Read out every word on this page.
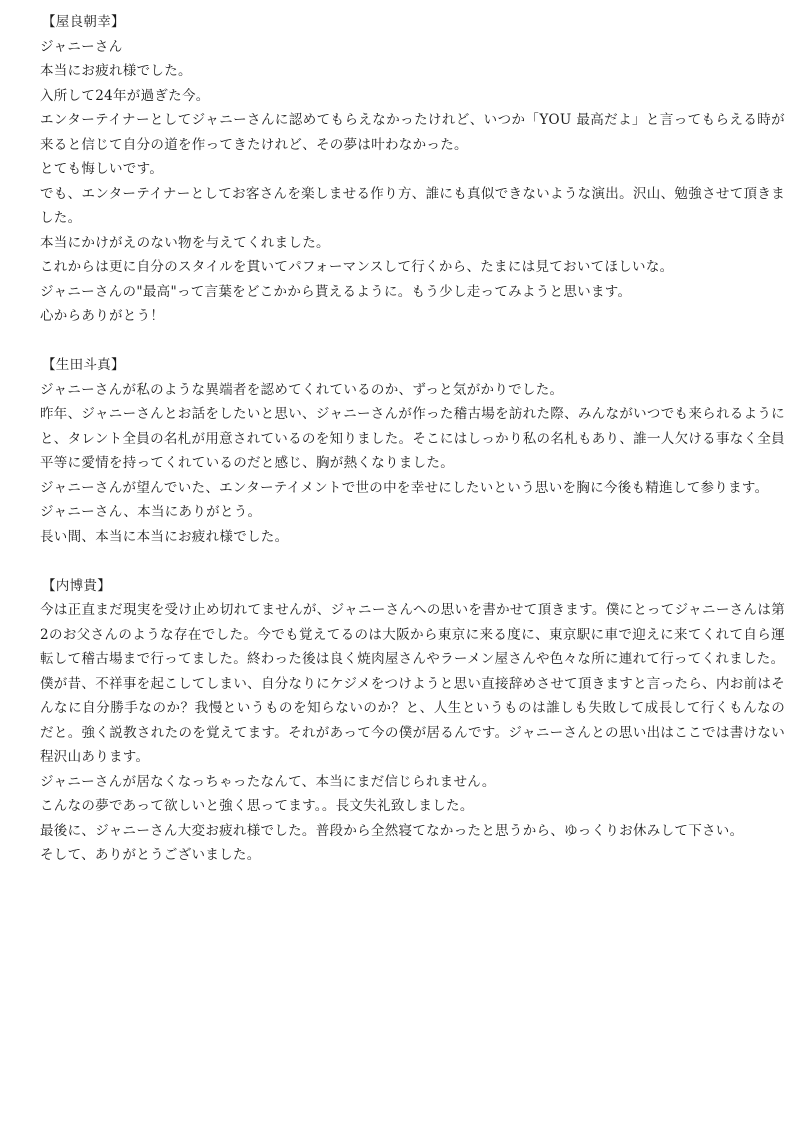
【屋良朝幸】

ジャニーさん

本当にお疲れ様でした。

入所して24年が過ぎた今。

エンターテイナーとしてジャニーさんに認めてもらえなかったけれど、いつか「YOU 最高だよ」と言ってもらえる時が来ると信じて自分の道を作ってきたけれど、その夢は叶わなかった。

とても悔しいです。

でも、エンターテイナーとしてお客さんを楽しませる作り方、誰にも真似できないような演出。沢山、勉強させて頂きました。

本当にかけがえのない物を与えてくれました。

これからは更に自分のスタイルを貫いてパフォーマンスして行くから、たまには見ておいてほしいな。

ジャニーさんの"最高"って言葉をどこかから貰えるように。もう少し走ってみようと思います。

心からありがとう！

【生田斗真】

ジャニーさんが私のような異端者を認めてくれているのか、ずっと気がかりでした。

昨年、ジャニーさんとお話をしたいと思い、ジャニーさんが作った稽古場を訪れた際、みんながいつでも来られるようにと、タレント全員の名札が用意されているのを知りました。そこにはしっかり私の名札もあり、誰一人欠ける事なく全員平等に愛情を持ってくれているのだと感じ、胸が熱くなりました。

ジャニーさんが望んでいた、エンターテイメントで世の中を幸せにしたいという思いを胸に今後も精進して参ります。

ジャニーさん、本当にありがとう。

長い間、本当に本当にお疲れ様でした。

【内博貴】

今は正直まだ現実を受け止め切れてませんが、ジャニーさんへの思いを書かせて頂きます。僕にとってジャニーさんは第2のお父さんのような存在でした。今でも覚えてるのは大阪から東京に来る度に、東京駅に車で迎えに来てくれて自ら運転して稽古場まで行ってました。終わった後は良く焼肉屋さんやラーメン屋さんや色々な所に連れて行ってくれました。

僕が昔、不祥事を起こしてしまい、自分なりにケジメをつけようと思い直接辞めさせて頂きますと言ったら、内お前はそんなに自分勝手なのか？我慢というものを知らないのか？と、人生というものは誰しも失敗して成長して行くもんなのだと。強く説教されたのを覚えてます。それがあって今の僕が居るんです。ジャニーさんとの思い出はここでは書けない程沢山あります。

ジャニーさんが居なくなっちゃったなんて、本当にまだ信じられません。

こんなの夢であって欲しいと強く思ってます。。長文失礼致しました。

最後に、ジャニーさん大変お疲れ様でした。普段から全然寝てなかったと思うから、ゆっくりお休みして下さい。

そして、ありがとうございました。
